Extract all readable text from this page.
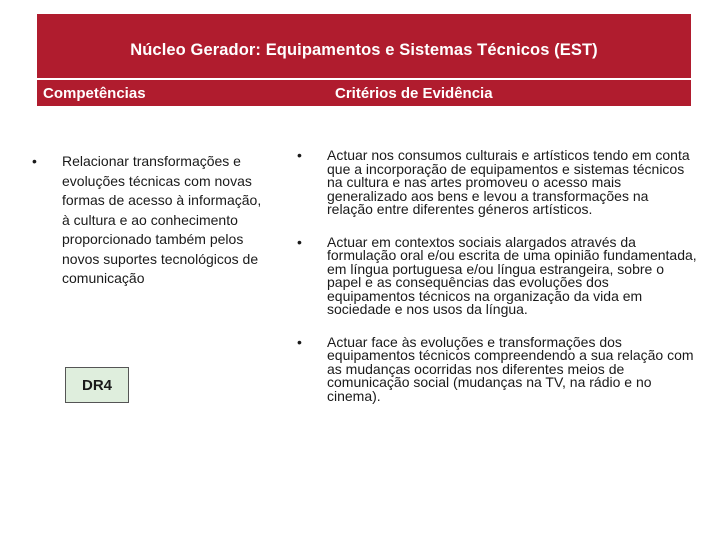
Núcleo Gerador: Equipamentos e Sistemas Técnicos (EST)
Competências	Critérios de Evidência
• Relacionar transformações e evoluções técnicas com novas formas de acesso à informação, à cultura e ao conhecimento proporcionado também pelos novos suportes tecnológicos de comunicação
DR4
• Actuar nos consumos culturais e artísticos tendo em conta que a incorporação de equipamentos e sistemas técnicos na cultura e nas artes promoveu o acesso mais generalizado aos bens e levou a transformações na relação entre diferentes géneros artísticos.
• Actuar em contextos sociais alargados através da formulação oral e/ou escrita de uma opinião fundamentada, em língua portuguesa e/ou língua estrangeira, sobre o papel e as consequências das evoluções dos equipamentos técnicos na organização da vida em sociedade e nos usos da língua.
• Actuar face às evoluções e transformações dos equipamentos técnicos compreendendo a sua relação com as mudanças ocorridas nos diferentes meios de comunicação social (mudanças na TV, na rádio e no cinema).
